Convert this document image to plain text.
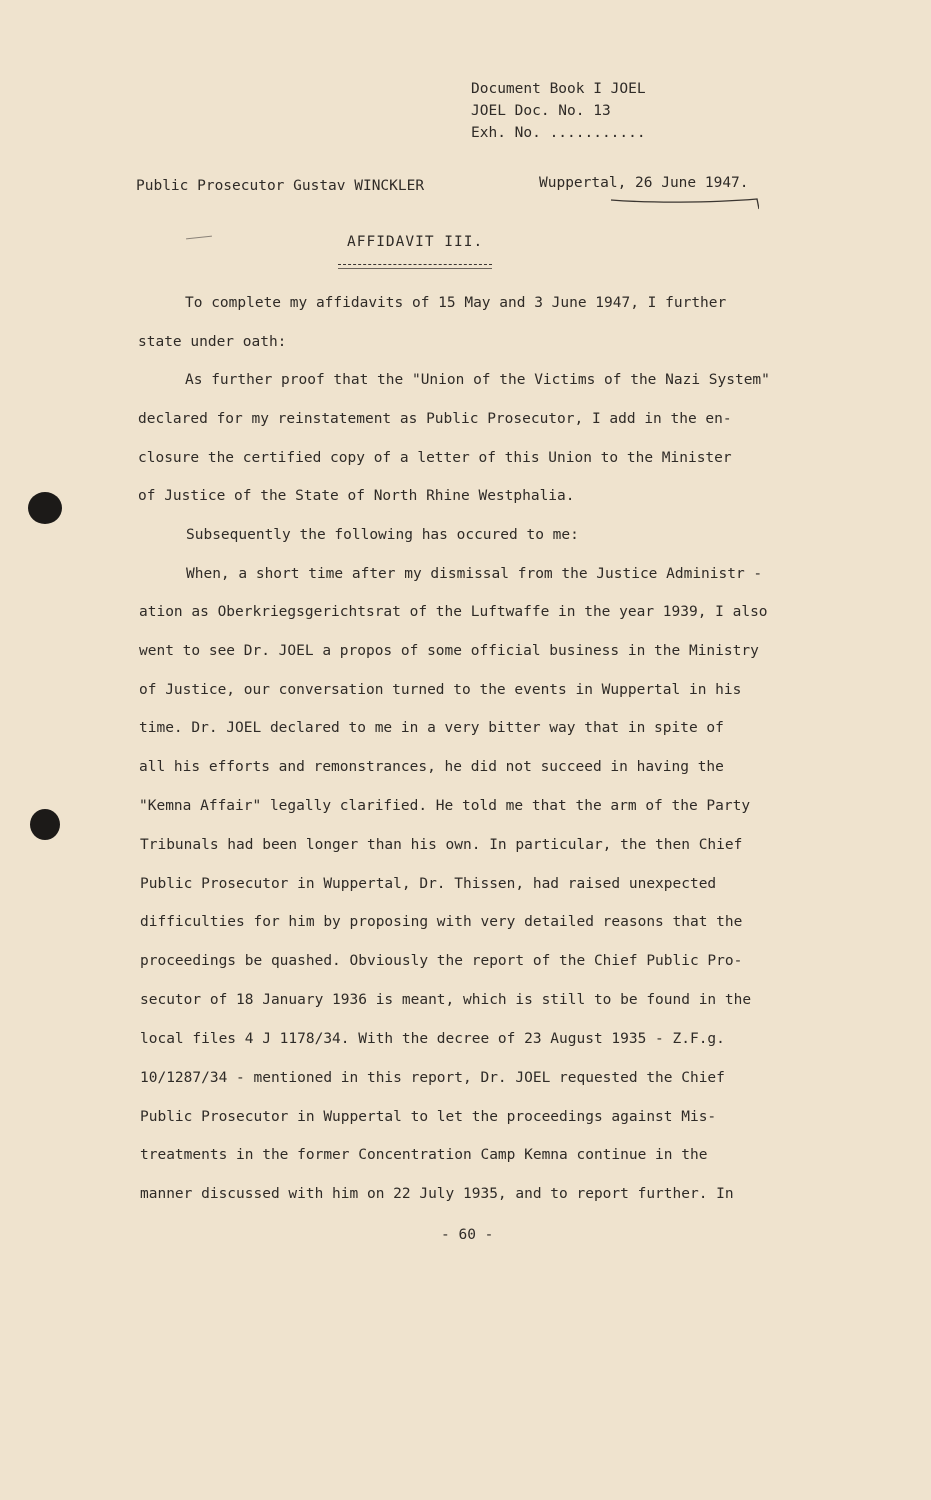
Document Book I JOEL
JOEL Doc. No. 13
Exh. No. ...........
Public Prosecutor Gustav WINCKLER	Wuppertal, 26 June 1947.
AFFIDAVIT III.
To complete my affidavits of 15 May and 3 June 1947, I further
state under oath:
As further proof that the "Union of the Victims of the Nazi System"
declared for my reinstatement as Public Prosecutor, I add in the en-
closure the certified copy of a letter of this Union to the Minister
of Justice of the State of North Rhine Westphalia.
Subsequently the following has occured to me:
When, a short time after my dismissal from the Justice Administr -
ation as Oberkriegsgerichtsrat of the Luftwaffe in the year 1939, I also
went to see Dr. JOEL a propos of some official business in the Ministry
of Justice, our conversation turned to the events in Wuppertal in his
time. Dr. JOEL declared to me in a very bitter way that in spite of
all his efforts and remonstrances, he did not succeed in having the
"Kemna Affair" legally clarified. He told me that the arm of the Party
Tribunals had been longer than his own. In particular, the then Chief
Public Prosecutor in Wuppertal, Dr. Thissen, had raised unexpected
difficulties for him by proposing with very detailed reasons that the
proceedings be quashed. Obviously the report of the Chief Public Pro-
secutor of 18 January 1936 is meant, which is still to be found in the
local files 4 J 1178/34. With the decree of 23 August 1935 - Z.F.g.
10/1287/34 - mentioned in this report, Dr. JOEL requested the Chief
Public Prosecutor in Wuppertal to let the proceedings against Mis-
treatments in the former Concentration Camp Kemna continue in the
manner discussed with him on 22 July 1935, and to report further. In
- 60 -
